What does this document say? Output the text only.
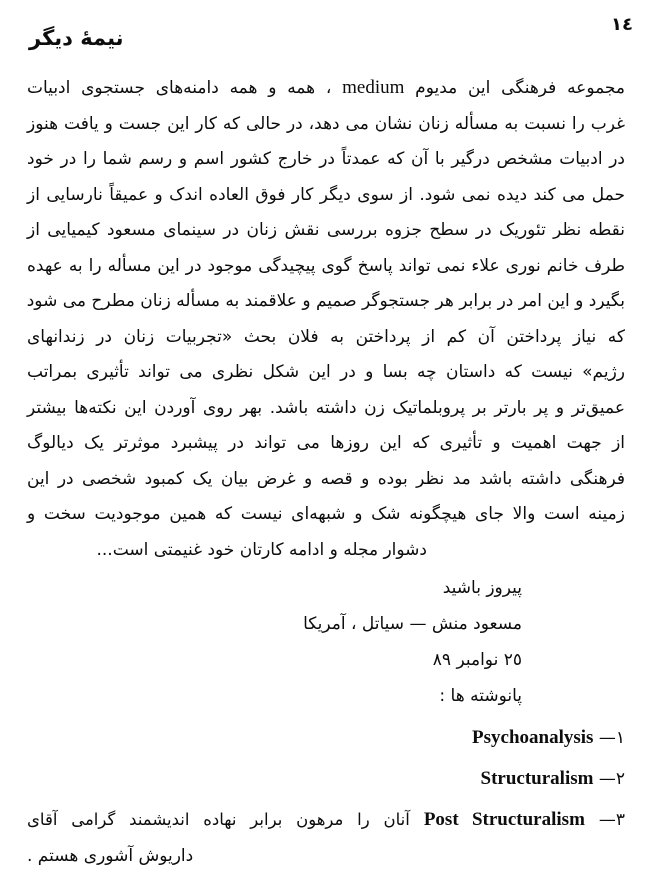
١٤
نیمهٔ دیگر
مجموعه فرهنگی این مدیوم medium ، همه و همه دامنه‌های جستجوی ادبیات
غرب را نسبت به مسأله زنان نشان می دهد، در حالی که کار این جست و یافت هنوز
در ادبیات مشخص درگیر با آن که عمدتاً در خارج کشور اسم و رسم شما را در خود
حمل می کند دیده نمی شود. از سوی دیگر کار فوق العاده اندک و عمیقاً نارسایی از
نقطه نظر تئوریک در سطح جزوه بررسی نقش زنان در سینمای مسعود کیمیایی از
طرف خانم نوری علاء نمی تواند پاسخ گوی پیچیدگی موجود در این مسأله را به عهده
بگیرد و این امر در برابر هر جستجوگر صمیم و علاقمند به مسأله زنان مطرح می شود
که نیاز پرداختن آن کم از پرداختن به فلان بحث «تجربیات زنان در زندانهای
رژیم» نیست که داستان چه بسا و در این شکل نظری می تواند تأثیری بمراتب
عمیق‌تر و پر بارتر بر پروبلماتیک زن داشته باشد. بهر روی آوردن این نکته‌ها بیشتر
از جهت اهمیت و تأثیری که این روزها می تواند در پیشبرد موثرتر یک دیالوگ
فرهنگی داشته باشد مد نظر بوده و قصه و غرض بیان یک کمبود شخصی در این
زمینه است والا جای هیچگونه شک و شبهه‌ای نیست که همین موجودیت سخت و
دشوار مجله و ادامه کارتان خود غنیمتی است...
پیروز باشید
مسعود منش — سیاتل ، آمریکا
٢٥ نوامبر ٨٩
پانوشته ها :
١— Psychoanalysis
٢— Structuralism
٣— Post Structuralism آنان را مرهون برابر نهاده اندیشمند گرامی آقای
داریوش آشوری هستم .
